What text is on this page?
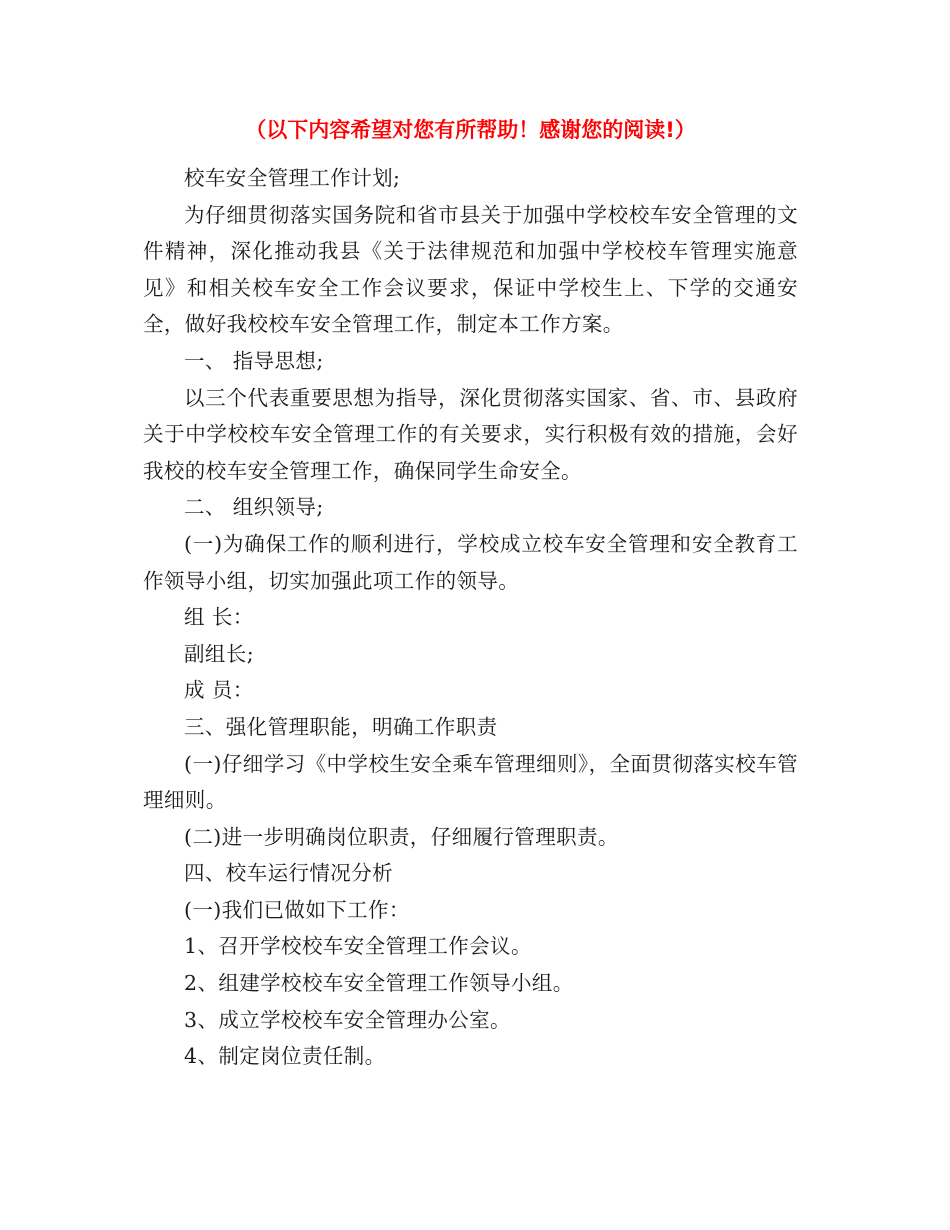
（以下内容希望对您有所帮助！感谢您的阅读!）

校车安全管理工作计划;

为仔细贯彻落实国务院和省市县关于加强中学校校车安全管理的文件精神，深化推动我县《关于法律规范和加强中学校校车管理实施意见》和相关校车安全工作会议要求，保证中学校生上、下学的交通安全，做好我校校车安全管理工作，制定本工作方案。

一、 指导思想;

以三个代表重要思想为指导，深化贯彻落实国家、省、市、县政府关于中学校校车安全管理工作的有关要求，实行积极有效的措施，会好我校的校车安全管理工作，确保同学生命安全。

二、 组织领导;

(一)为确保工作的顺利进行，学校成立校车安全管理和安全教育工作领导小组，切实加强此项工作的领导。

组 长：

副组长;

成 员：

三、强化管理职能，明确工作职责

(一)仔细学习《中学校生安全乘车管理细则》，全面贯彻落实校车管理细则。

(二)进一步明确岗位职责，仔细履行管理职责。

四、校车运行情况分析

(一)我们已做如下工作：

1、召开学校校车安全管理工作会议。

2、组建学校校车安全管理工作领导小组。

3、成立学校校车安全管理办公室。

4、制定岗位责任制。
